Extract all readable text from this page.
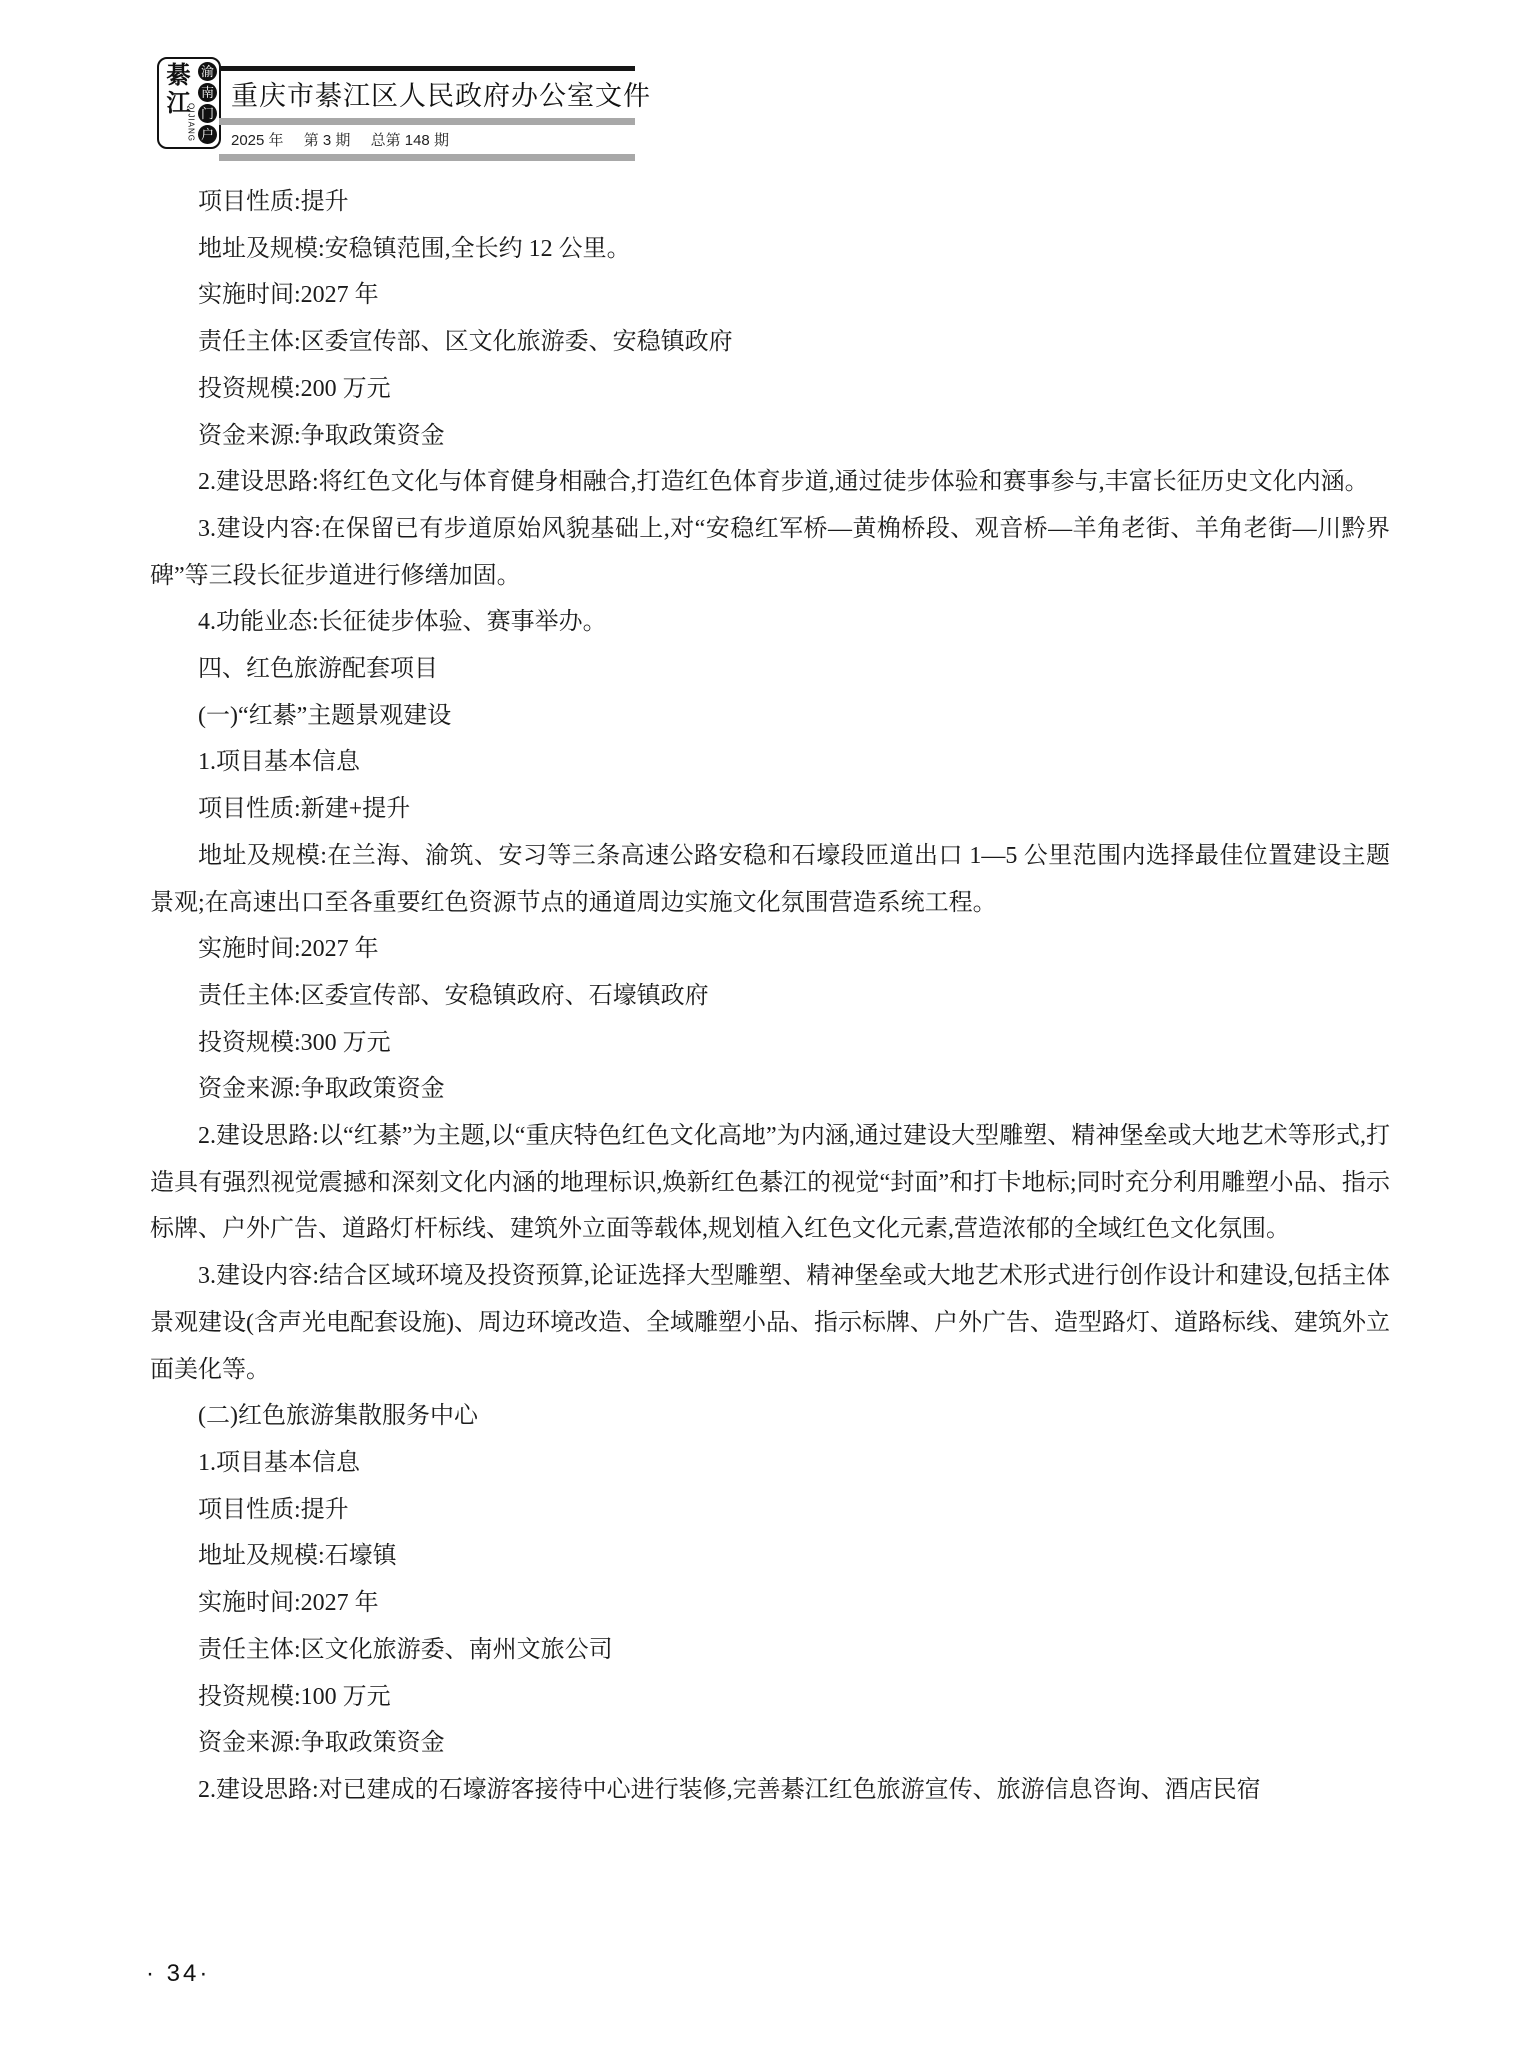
綦江
QIJIANG
渝
南
门
户
重庆市綦江区人民政府办公室文件
2025 年 第 3 期 总第 148 期

项目性质:提升

地址及规模:安稳镇范围,全长约 12 公里。

实施时间:2027 年

责任主体:区委宣传部、区文化旅游委、安稳镇政府

投资规模:200 万元

资金来源:争取政策资金

2.建设思路:将红色文化与体育健身相融合,打造红色体育步道,通过徒步体验和赛事参与,丰富长征历史文化内涵。

3.建设内容:在保留已有步道原始风貌基础上,对“安稳红军桥—黄桷桥段、观音桥—羊角老街、羊角老街—川黔界碑”等三段长征步道进行修缮加固。

4.功能业态:长征徒步体验、赛事举办。

四、红色旅游配套项目

(一)“红綦”主题景观建设

1.项目基本信息

项目性质:新建+提升

地址及规模:在兰海、渝筑、安习等三条高速公路安稳和石壕段匝道出口 1—5 公里范围内选择最佳位置建设主题景观;在高速出口至各重要红色资源节点的通道周边实施文化氛围营造系统工程。

实施时间:2027 年

责任主体:区委宣传部、安稳镇政府、石壕镇政府

投资规模:300 万元

资金来源:争取政策资金

2.建设思路:以“红綦”为主题,以“重庆特色红色文化高地”为内涵,通过建设大型雕塑、精神堡垒或大地艺术等形式,打造具有强烈视觉震撼和深刻文化内涵的地理标识,焕新红色綦江的视觉“封面”和打卡地标;同时充分利用雕塑小品、指示标牌、户外广告、道路灯杆标线、建筑外立面等载体,规划植入红色文化元素,营造浓郁的全域红色文化氛围。

3.建设内容:结合区域环境及投资预算,论证选择大型雕塑、精神堡垒或大地艺术形式进行创作设计和建设,包括主体景观建设(含声光电配套设施)、周边环境改造、全域雕塑小品、指示标牌、户外广告、造型路灯、道路标线、建筑外立面美化等。

(二)红色旅游集散服务中心

1.项目基本信息

项目性质:提升

地址及规模:石壕镇

实施时间:2027 年

责任主体:区文化旅游委、南州文旅公司

投资规模:100 万元

资金来源:争取政策资金

2.建设思路:对已建成的石壕游客接待中心进行装修,完善綦江红色旅游宣传、旅游信息咨询、酒店民宿

· 34·
